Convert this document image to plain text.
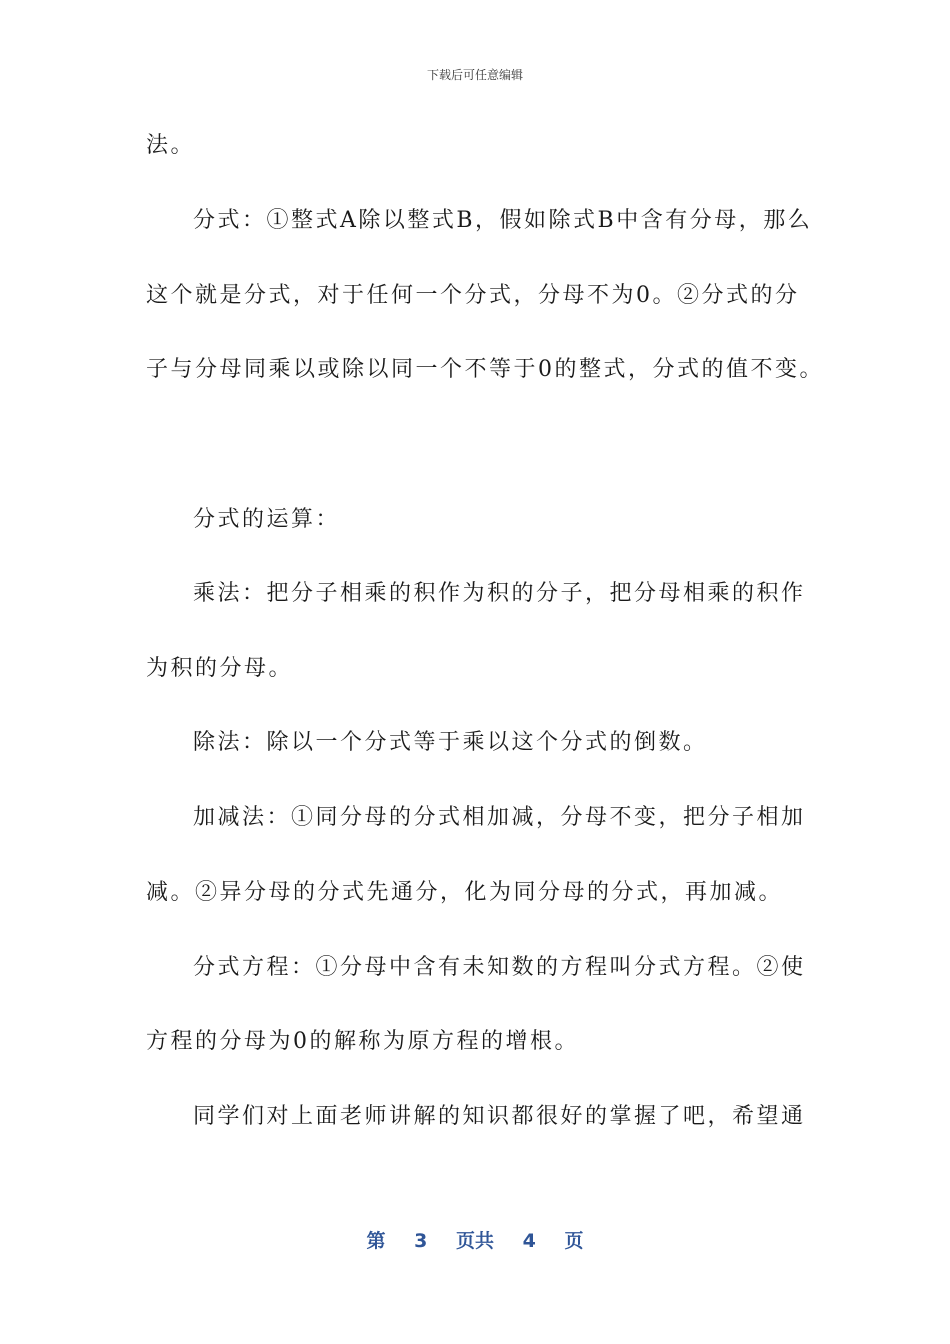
下载后可任意编辑
法。
分式：①整式A除以整式B，假如除式B中含有分母，那么
这个就是分式，对于任何一个分式，分母不为0。②分式的分
子与分母同乘以或除以同一个不等于0的整式，分式的值不变。
分式的运算：
乘法：把分子相乘的积作为积的分子，把分母相乘的积作
为积的分母。
除法：除以一个分式等于乘以这个分式的倒数。
加减法：①同分母的分式相加减，分母不变，把分子相加
减。②异分母的分式先通分，化为同分母的分式，再加减。
分式方程：①分母中含有未知数的方程叫分式方程。②使
方程的分母为0的解称为原方程的增根。
同学们对上面老师讲解的知识都很好的掌握了吧，希望通
第 3 页共 4 页
